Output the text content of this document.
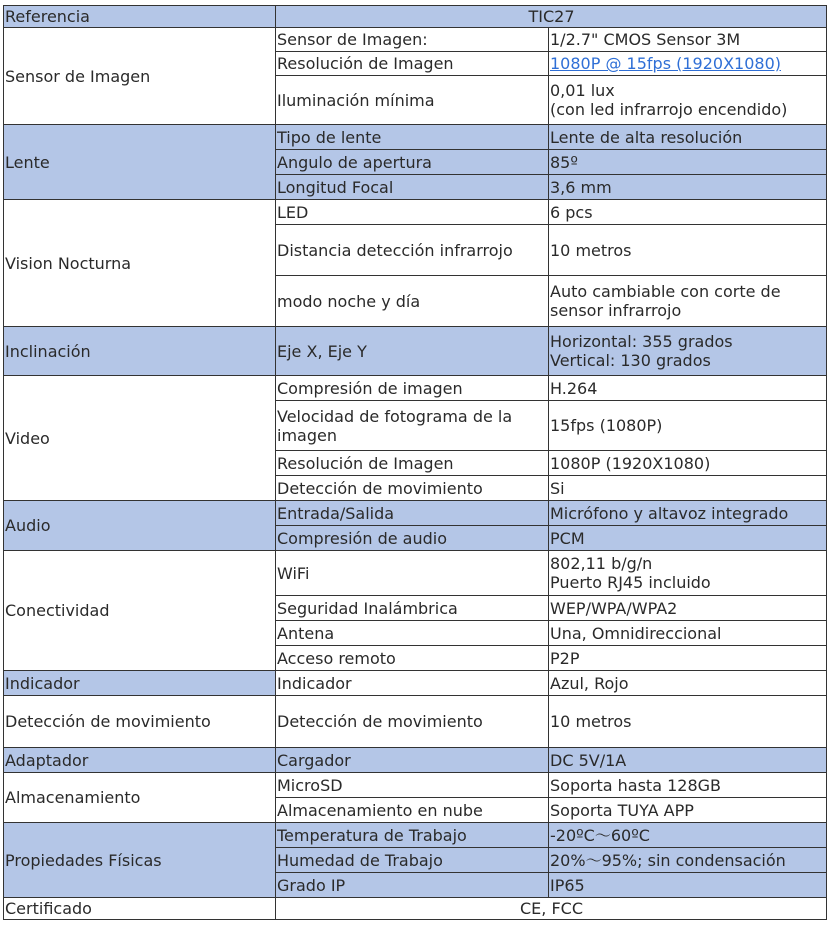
Referencia	TIC27	
Sensor de Imagen	Sensor de Imagen:	1/2.7" CMOS Sensor 3M
	Resolución de Imagen	1080P @ 15fps (1920X1080)
	Iluminación mínima	0,01 lux
(con led infrarrojo encendido)

Lente	Tipo de lente	Lente de alta resolución
	Angulo de apertura	85º
	Longitud Focal	3,6 mm
Vision Nocturna	LED	6 pcs
	Distancia detección infrarrojo	10 metros
	modo noche y día	Auto cambiable con corte de
sensor infrarrojo

Inclinación	Eje X, Eje Y	Horizontal: 355 grados
Vertical: 130 grados

Video	Compresión de imagen	H.264

	Velocidad de fotograma de la
imagen	15fps (1080P)
	Resolución de Imagen	1080P (1920X1080)
	Detección de movimiento	Si
Audio	Entrada/Salida	Micrófono y altavoz integrado
	Compresión de audio	PCM
Conectividad	WiFi	802,11 b/g/n
Puerto RJ45 incluido

	Seguridad Inalámbrica	WEP/WPA/WPA2
	Antena	Una, Omnidireccional
	Acceso remoto	P2P
Indicador	Indicador	Azul, Rojo
Detección de movimiento	Detección de movimiento	10 metros
Adaptador	Cargador	DC 5V/1A
Almacenamiento	MicroSD	Soporta hasta 128GB
	Almacenamiento en nube	Soporta TUYA APP
Propiedades Físicas	Temperatura de Trabajo	-20ºC〜60ºC
	Humedad de Trabajo	20%〜95%; sin condensación
	Grado IP	IP65
Certificado	CE, FCC	
